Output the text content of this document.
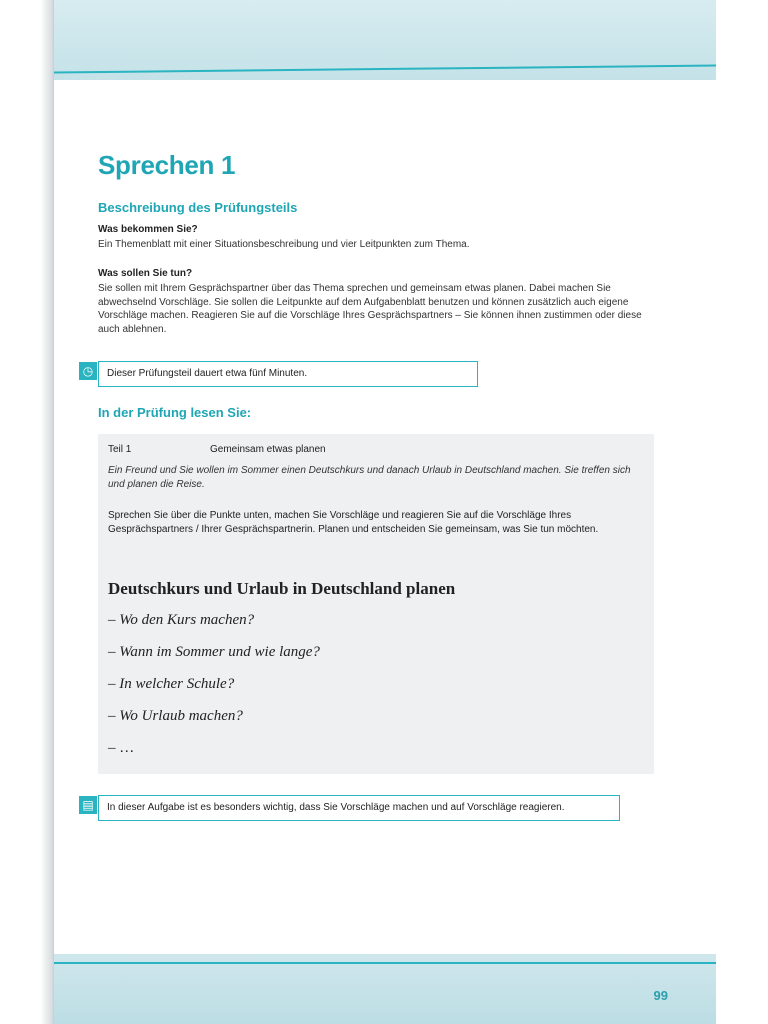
Sprechen 1
Beschreibung des Prüfungsteils
Was bekommen Sie?
Ein Themenblatt mit einer Situationsbeschreibung und vier Leitpunkten zum Thema.
Was sollen Sie tun?
Sie sollen mit Ihrem Gesprächspartner über das Thema sprechen und gemeinsam etwas planen. Dabei machen Sie abwechselnd Vorschläge. Sie sollen die Leitpunkte auf dem Aufgabenblatt benutzen und können zusätzlich auch eigene Vorschläge machen. Reagieren Sie auf die Vorschläge Ihres Gesprächspartners – Sie können ihnen zustimmen oder diese auch ablehnen.
◷	Dieser Prüfungsteil dauert etwa fünf Minuten.
In der Prüfung lesen Sie:
Teil 1	Gemeinsam etwas planen
Ein Freund und Sie wollen im Sommer einen Deutschkurs und danach Urlaub in Deutschland machen. Sie treffen sich und planen die Reise.
Sprechen Sie über die Punkte unten, machen Sie Vorschläge und reagieren Sie auf die Vorschläge Ihres Gesprächspartners / Ihrer Gesprächspartnerin. Planen und entscheiden Sie gemeinsam, was Sie tun möchten.
Deutschkurs und Urlaub in Deutschland planen
– Wo den Kurs machen?
– Wann im Sommer und wie lange?
– In welcher Schule?
– Wo Urlaub machen?
– …
▤	In dieser Aufgabe ist es besonders wichtig, dass Sie Vorschläge machen und auf Vorschläge reagieren.
99
